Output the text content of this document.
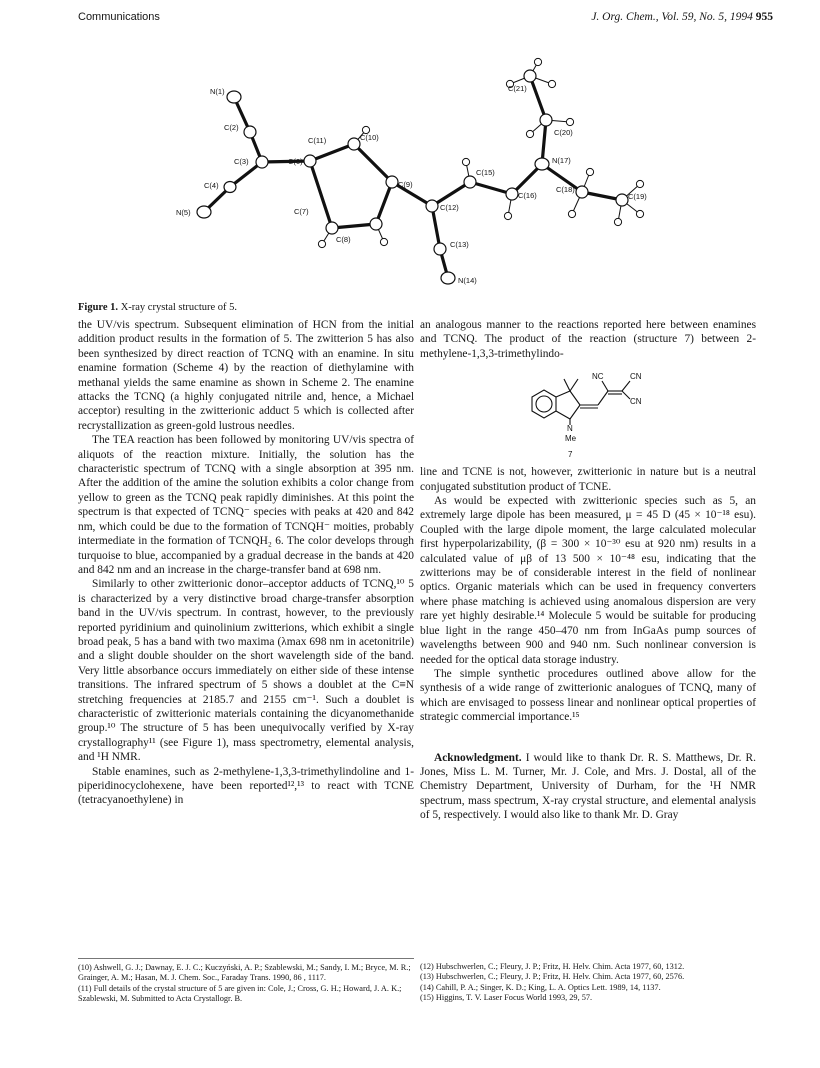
Communications	J. Org. Chem., Vol. 59, No. 5, 1994 955
N(1)
C(2)
C(3)
C(4)
N(5)
C(6)
C(7)
C(8)
C(9)
C(10)
C(11)
C(12)
C(13)
N(14)
C(15)
C(16)
N(17)
C(18)
C(19)
C(20)
C(21)
Figure 1. X-ray crystal structure of 5.

the UV/vis spectrum. Subsequent elimination of HCN from the initial addition product results in the formation of 5. The zwitterion 5 has also been synthesized by direct reaction of TCNQ with an enamine. In situ enamine formation (Scheme 4) by the reaction of diethylamine with methanal yields the same enamine as shown in Scheme 2. The enamine attacks the TCNQ (a highly conjugated nitrile and, hence, a Michael acceptor) resulting in the zwitterionic adduct 5 which is collected after recrystallization as green-gold lustrous needles.

The TEA reaction has been followed by monitoring UV/vis spectra of aliquots of the reaction mixture. Initially, the solution has the characteristic spectrum of TCNQ with a single absorption at 395 nm. After the addition of the amine the solution exhibits a color change from yellow to green as the TCNQ peak rapidly diminishes. At this point the spectrum is that expected of TCNQ⁻ species with peaks at 420 and 842 nm, which could be due to the formation of TCNQH⁻ moities, probably intermediate in the formation of TCNQH₂ 6. The color develops through turquoise to blue, accompanied by a gradual decrease in the bands at 420 and 842 nm and an increase in the charge-transfer band at 698 nm.

Similarly to other zwitterionic donor–acceptor adducts of TCNQ,¹⁰ 5 is characterized by a very distinctive broad charge-transfer absorption band in the UV/vis spectrum. In contrast, however, to the previously reported pyridinium and quinolinium zwitterions, which exhibit a single broad peak, 5 has a band with two maxima (λmax 698 nm in acetonitrile) and a slight double shoulder on the short wavelength side of the band. Very little absorbance occurs immediately on either side of these intense transitions. The infrared spectrum of 5 shows a doublet at the C≡N stretching frequencies at 2185.7 and 2155 cm⁻¹. Such a doublet is characteristic of zwitterionic materials containing the dicyanomethanide group.¹⁰ The structure of 5 has been unequivocally verified by X-ray crystallography¹¹ (see Figure 1), mass spectrometry, elemental analysis, and ¹H NMR.

Stable enamines, such as 2-methylene-1,3,3-trimethylindoline and 1-piperidinocyclohexene, have been reported¹²,¹³ to react with TCNE (tetracyanoethylene) in

an analogous manner to the reactions reported here between enamines and TCNQ. The product of the reaction (structure 7) between 2-methylene-1,3,3-trimethylindo-

NC	CN
CN
N
Me
7

line and TCNE is not, however, zwitterionic in nature but is a neutral conjugated substitution product of TCNE.

As would be expected with zwitterionic species such as 5, an extremely large dipole has been measured, μ = 45 D (45 × 10⁻¹⁸ esu). Coupled with the large dipole moment, the large calculated molecular first hyperpolarizability, (β = 300 × 10⁻³⁰ esu at 920 nm) results in a calculated value of μβ of 13 500 × 10⁻⁴⁸ esu, indicating that the zwitterions may be of considerable interest in the field of nonlinear optics. Organic materials which can be used in frequency converters where phase matching is achieved using anomalous dispersion are very rare yet highly desirable.¹⁴ Molecule 5 would be suitable for producing blue light in the range 450–470 nm from InGaAs pump sources of wavelengths between 900 and 940 nm. Such nonlinear conversion is needed for the optical data storage industry.

The simple synthetic procedures outlined above allow for the synthesis of a wide range of zwitterionic analogues of TCNQ, many of which are envisaged to possess linear and nonlinear optical properties of strategic commercial importance.¹⁵

Acknowledgment. I would like to thank Dr. R. S. Matthews, Dr. R. Jones, Miss L. M. Turner, Mr. J. Cole, and Mrs. J. Dostal, all of the Chemistry Department, University of Durham, for the ¹H NMR spectrum, mass spectrum, X-ray crystal structure, and elemental analysis of 5, respectively. I would also like to thank Mr. D. Gray

(10) Ashwell, G. J.; Dawnay, E. J. C.; Kuczyński, A. P.; Szablewski, M.; Sandy, I. M.; Bryce, M. R.; Grainger, A. M.; Hasan, M. J. Chem. Soc., Faraday Trans. 1990, 86 , 1117.

(11) Full details of the crystal structure of 5 are given in: Cole, J.; Cross, G. H.; Howard, J. A. K.; Szablewski, M. Submitted to Acta Crystallogr. B.

(12) Hubschwerlen, C.; Fleury, J. P.; Fritz, H. Helv. Chim. Acta 1977, 60, 1312.

(13) Hubschwerlen, C.; Fleury, J. P.; Fritz, H. Helv. Chim. Acta 1977, 60, 2576.

(14) Cahill, P. A.; Singer, K. D.; King, L. A. Optics Lett. 1989, 14, 1137.

(15) Higgins, T. V. Laser Focus World 1993, 29, 57.
